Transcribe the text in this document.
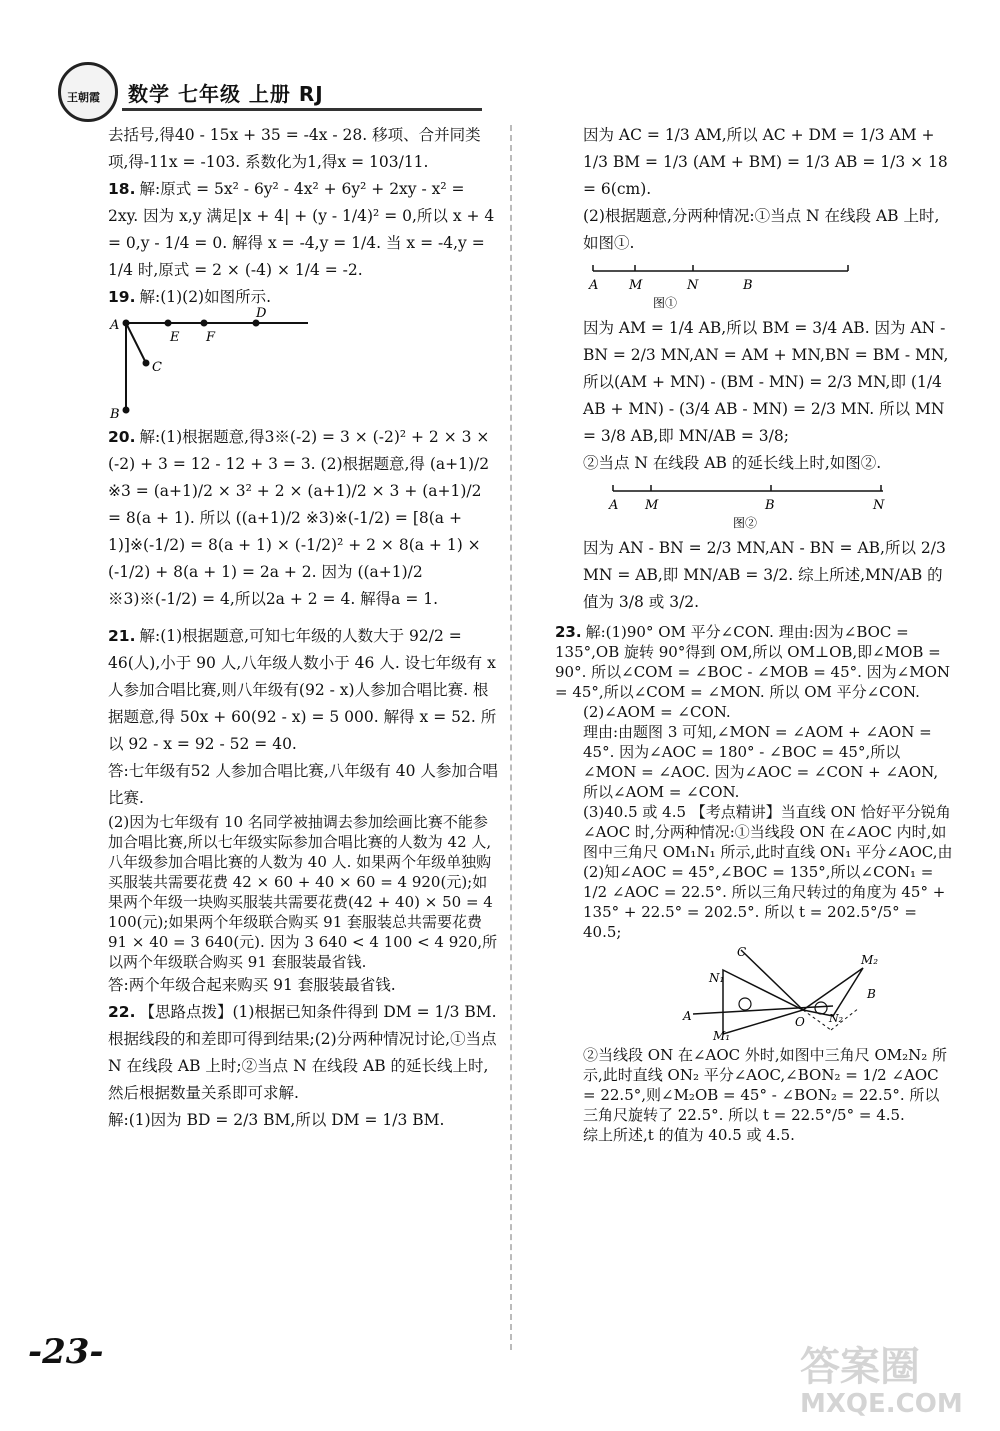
王朝霞 数学 七年级 上册 RJ

去括号,得40 - 15x + 35 = -4x - 28. 移项、合并同类项,得-11x = -103. 系数化为1,得x = 103/11.

18. 解:原式 = 5x² - 6y² - 4x² + 6y² + 2xy - x² = 2xy. 因为 x,y 满足|x + 4| + (y - 1/4)² = 0,所以 x + 4 = 0,y - 1/4 = 0. 解得 x = -4,y = 1/4. 当 x = -4,y = 1/4 时,原式 = 2 × (-4) × 1/4 = -2.

19. 解:(1)(2)如图所示.

A
E F
D
C
B

20. 解:(1)根据题意,得3※(-2) = 3 × (-2)² + 2 × 3 × (-2) + 3 = 12 - 12 + 3 = 3. (2)根据题意,得 (a+1)/2 ※3 = (a+1)/2 × 3² + 2 × (a+1)/2 × 3 + (a+1)/2 = 8(a + 1). 所以 ((a+1)/2 ※3)※(-1/2) = [8(a + 1)]※(-1/2) = 8(a + 1) × (-1/2)² + 2 × 8(a + 1) × (-1/2) + 8(a + 1) = 2a + 2. 因为 ((a+1)/2 ※3)※(-1/2) = 4,所以2a + 2 = 4. 解得a = 1.

21. 解:(1)根据题意,可知七年级的人数大于 92/2 = 46(人),小于 90 人,八年级人数小于 46 人. 设七年级有 x 人参加合唱比赛,则八年级有(92 - x)人参加合唱比赛. 根据题意,得 50x + 60(92 - x) = 5 000. 解得 x = 52. 所以 92 - x = 92 - 52 = 40.

答:七年级有52 人参加合唱比赛,八年级有 40 人参加合唱比赛.

(2)因为七年级有 10 名同学被抽调去参加绘画比赛不能参加合唱比赛,所以七年级实际参加合唱比赛的人数为 42 人,八年级参加合唱比赛的人数为 40 人. 如果两个年级单独购买服装共需要花费 42 × 60 + 40 × 60 = 4 920(元);如果两个年级一块购买服装共需要花费(42 + 40) × 50 = 4 100(元);如果两个年级联合购买 91 套服装总共需要花费 91 × 40 = 3 640(元). 因为 3 640 < 4 100 < 4 920,所以两个年级联合购买 91 套服装最省钱.

答:两个年级合起来购买 91 套服装最省钱.

22. 【思路点拨】(1)根据已知条件得到 DM = 1/3 BM. 根据线段的和差即可得到结果;(2)分两种情况讨论,①当点 N 在线段 AB 上时;②当点 N 在线段 AB 的延长线上时,然后根据数量关系即可求解.

解:(1)因为 BD = 2/3 BM,所以 DM = 1/3 BM.

因为 AC = 1/3 AM,所以 AC + DM = 1/3 AM + 1/3 BM = 1/3 (AM + BM) = 1/3 AB = 1/3 × 18 = 6(cm).

(2)根据题意,分两种情况:①当点 N 在线段 AB 上时,如图①.

A M	N	B
图①

因为 AM = 1/4 AB,所以 BM = 3/4 AB. 因为 AN - BN = 2/3 MN,AN = AM + MN,BN = BM - MN,所以(AM + MN) - (BM - MN) = 2/3 MN,即 (1/4 AB + MN) - (3/4 AB - MN) = 2/3 MN. 所以 MN = 3/8 AB,即 MN/AB = 3/8;

②当点 N 在线段 AB 的延长线上时,如图②.

A M	B	N
图②

因为 AN - BN = 2/3 MN,AN - BN = AB,所以 2/3 MN = AB,即 MN/AB = 3/2. 综上所述,MN/AB 的值为 3/8 或 3/2.

23. 解:(1)90° OM 平分∠CON. 理由:因为∠BOC = 135°,OB 旋转 90°得到 OM,所以 OM⊥OB,即∠MOB = 90°. 所以∠COM = ∠BOC - ∠MOB = 45°. 因为∠MON = 45°,所以∠COM = ∠MON. 所以 OM 平分∠CON.

(2)∠AOM = ∠CON.

理由:由题图 3 可知,∠MON = ∠AOM + ∠AON = 45°. 因为∠AOC = 180° - ∠BOC = 45°,所以∠MON = ∠AOC. 因为∠AOC = ∠CON + ∠AON,所以∠AOM = ∠CON.

(3)40.5 或 4.5 【考点精讲】当直线 ON 恰好平分锐角∠AOC 时,分两种情况:①当线段 ON 在∠AOC 内时,如图中三角尺 OM₁N₁ 所示,此时直线 ON₁ 平分∠AOC,由(2)知∠AOC = 45°,∠BOC = 135°,所以∠CON₁ = 1/2 ∠AOC = 22.5°. 所以三角尺转过的角度为 45° + 135° + 22.5° = 202.5°. 所以 t = 202.5°/5° = 40.5;

C
N₁
M₂
B
A	O N₂
M₁

②当线段 ON 在∠AOC 外时,如图中三角尺 OM₂N₂ 所示,此时直线 ON₂ 平分∠AOC,∠BON₂ = 1/2 ∠AOC = 22.5°,则∠M₂OB = 45° - ∠BON₂ = 22.5°. 所以三角尺旋转了 22.5°. 所以 t = 22.5°/5° = 4.5.

综上所述,t 的值为 40.5 或 4.5.

-23-	答案圈
MXQE.COM
